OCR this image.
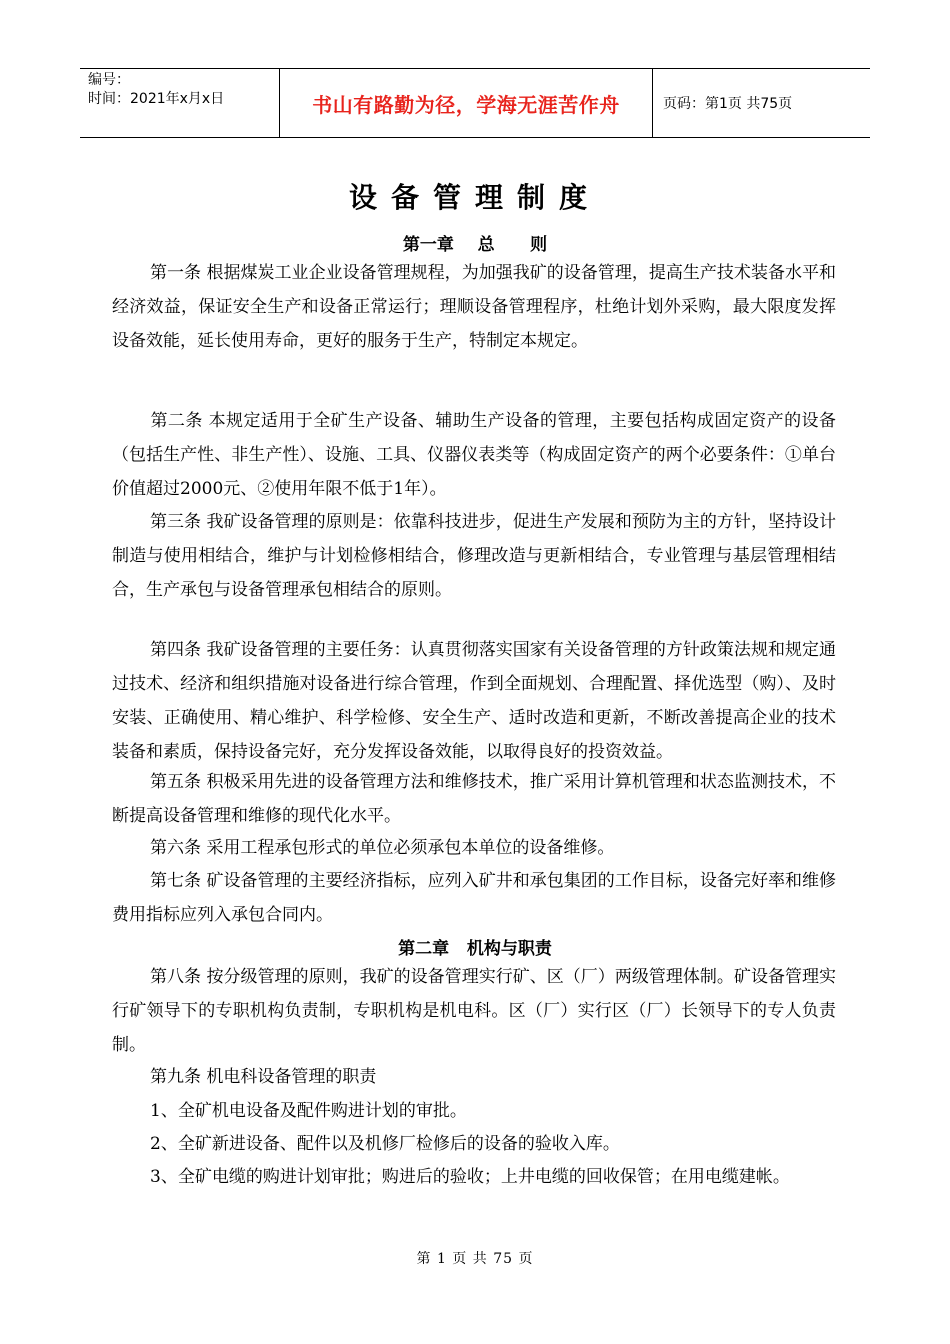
编号：
时间：2021年x月x日	书山有路勤为径，学海无涯苦作舟	页码：第1页 共75页
设备管理制度
第一章    总      则
第一条 根据煤炭工业企业设备管理规程，为加强我矿的设备管理，提高生产技术装备水平和经济效益，保证安全生产和设备正常运行；理顺设备管理程序，杜绝计划外采购，最大限度发挥设备效能，延长使用寿命，更好的服务于生产，特制定本规定。
第二条 本规定适用于全矿生产设备、辅助生产设备的管理，主要包括构成固定资产的设备（包括生产性、非生产性）、设施、工具、仪器仪表类等（构成固定资产的两个必要条件：①单台价值超过2000元、②使用年限不低于1年）。
第三条 我矿设备管理的原则是：依靠科技进步，促进生产发展和预防为主的方针，坚持设计制造与使用相结合，维护与计划检修相结合，修理改造与更新相结合，专业管理与基层管理相结合，生产承包与设备管理承包相结合的原则。
第四条 我矿设备管理的主要任务：认真贯彻落实国家有关设备管理的方针政策法规和规定通过技术、经济和组织措施对设备进行综合管理，作到全面规划、合理配置、择优选型（购）、及时安装、正确使用、精心维护、科学检修、安全生产、适时改造和更新，不断改善提高企业的技术装备和素质，保持设备完好，充分发挥设备效能，以取得良好的投资效益。
第五条 积极采用先进的设备管理方法和维修技术，推广采用计算机管理和状态监测技术，不断提高设备管理和维修的现代化水平。
第六条 采用工程承包形式的单位必须承包本单位的设备维修。
第七条 矿设备管理的主要经济指标，应列入矿井和承包集团的工作目标，设备完好率和维修费用指标应列入承包合同内。
第二章   机构与职责
第八条 按分级管理的原则，我矿的设备管理实行矿、区（厂）两级管理体制。矿设备管理实行矿领导下的专职机构负责制，专职机构是机电科。区（厂）实行区（厂）长领导下的专人负责制。
第九条 机电科设备管理的职责
1、全矿机电设备及配件购进计划的审批。
2、全矿新进设备、配件以及机修厂检修后的设备的验收入库。
3、全矿电缆的购进计划审批；购进后的验收；上井电缆的回收保管；在用电缆建帐。
第 1 页 共 75 页
